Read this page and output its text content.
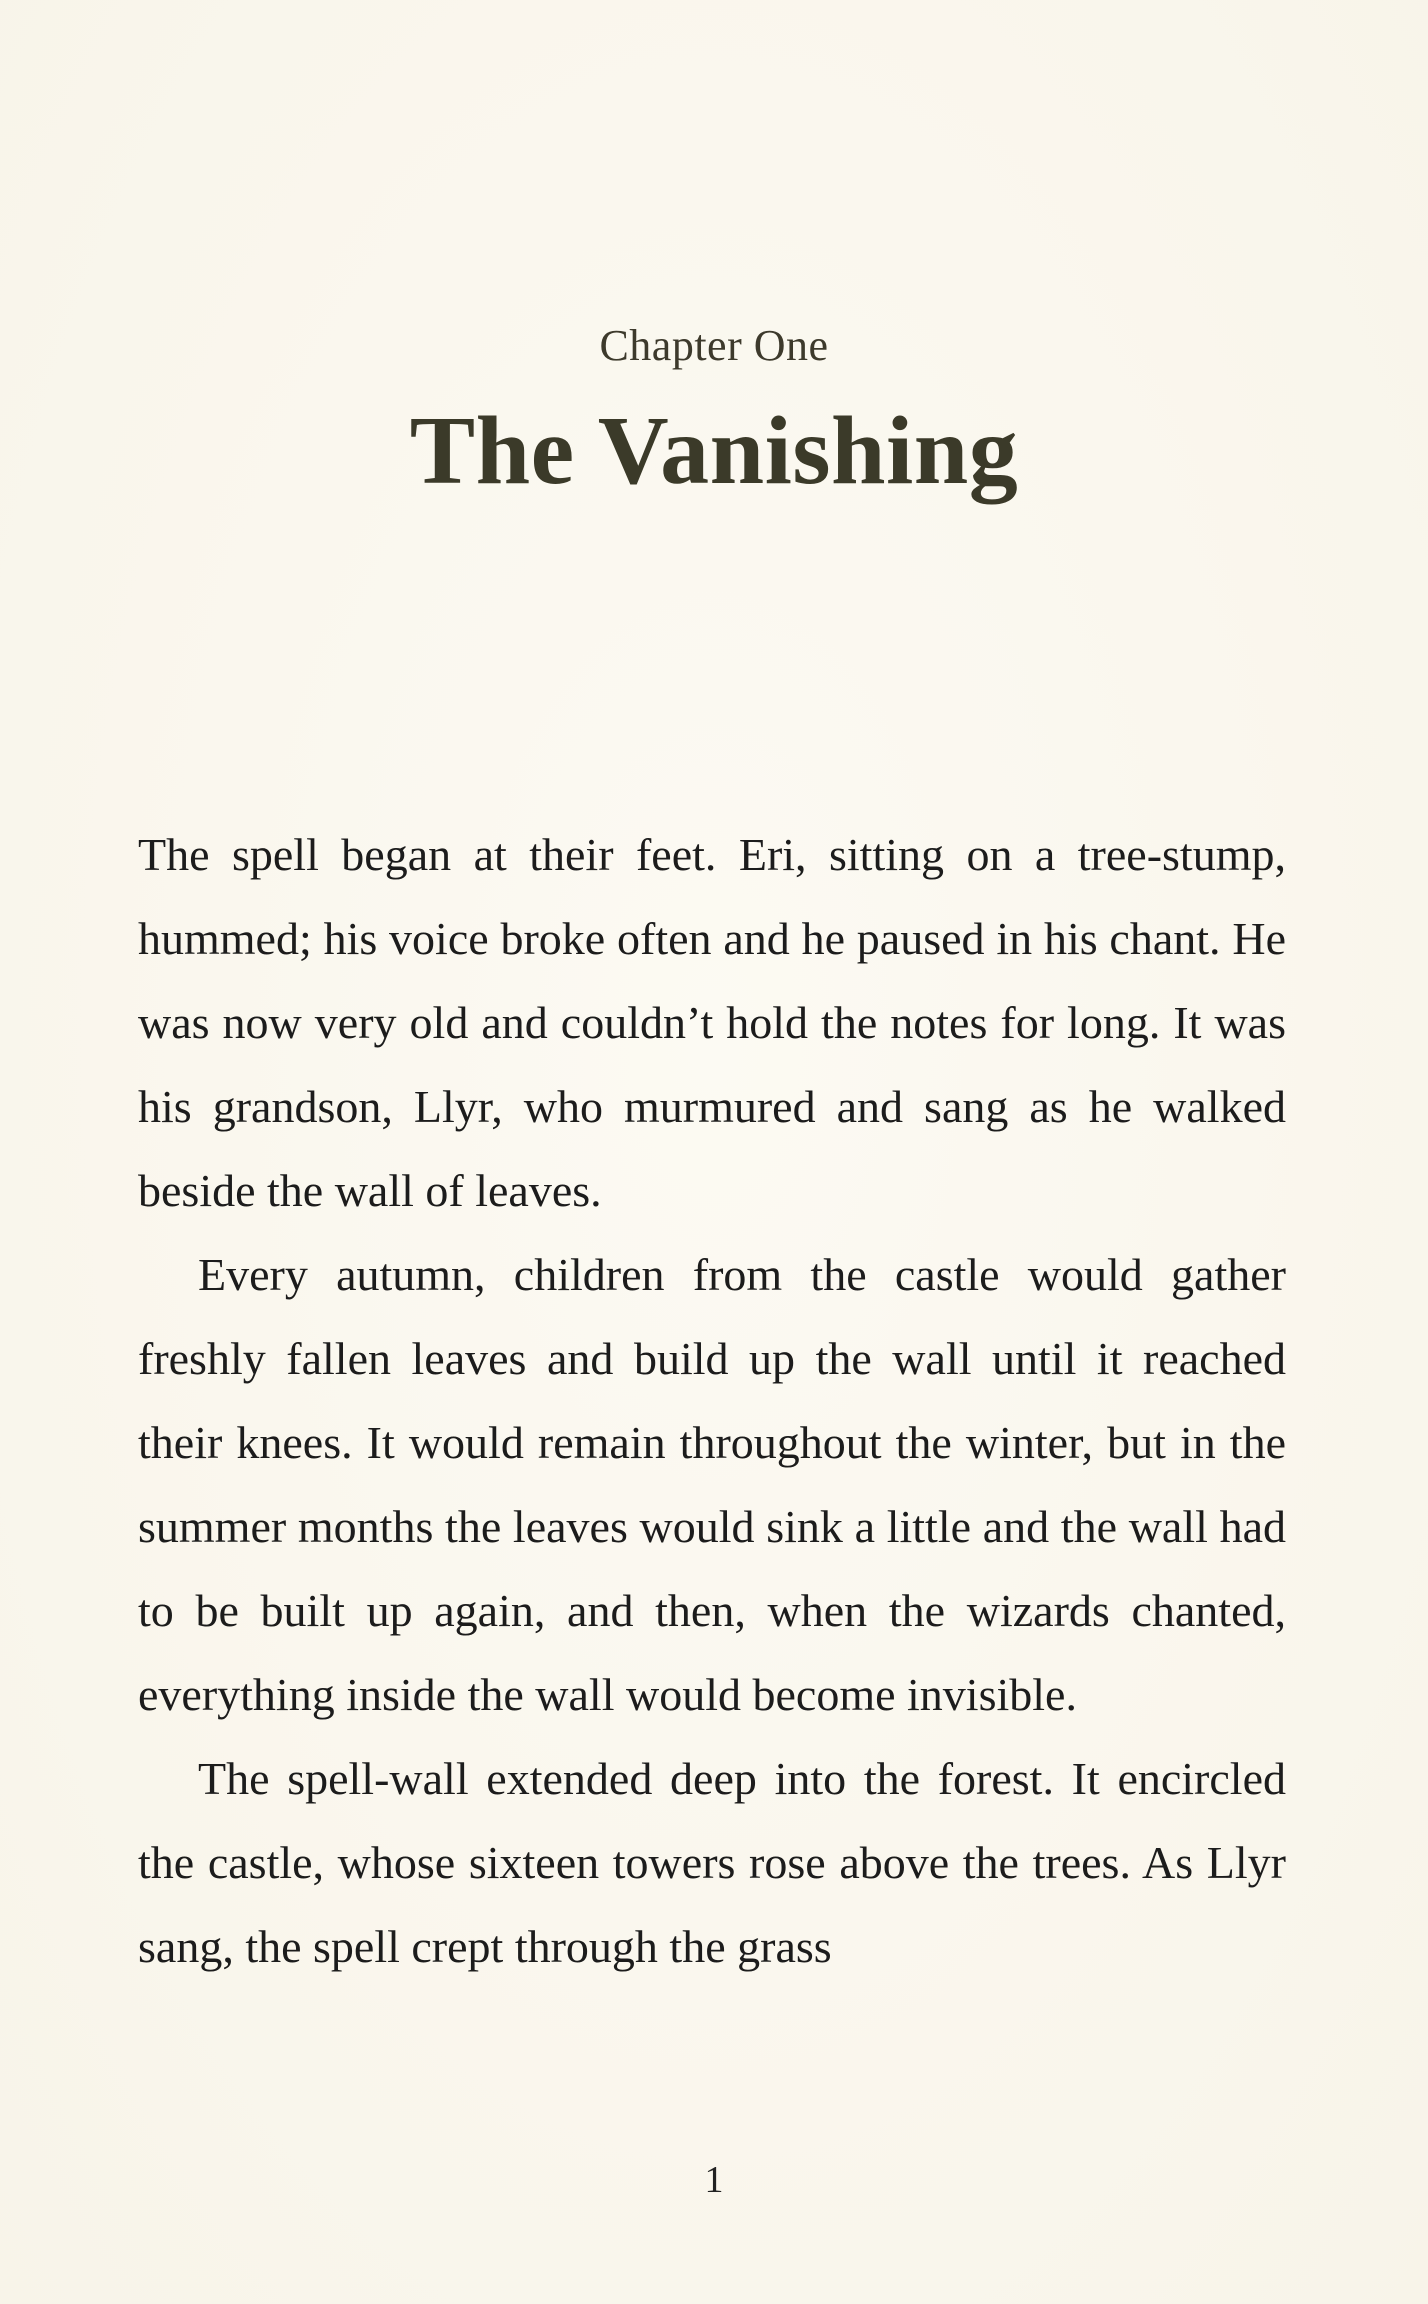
Chapter One
The Vanishing

The spell began at their feet. Eri, sitting on a tree-stump, hummed; his voice broke often and he paused in his chant. He was now very old and couldn’t hold the notes for long. It was his grandson, Llyr, who murmured and sang as he walked beside the wall of leaves.

Every autumn, children from the castle would gather freshly fallen leaves and build up the wall until it reached their knees. It would remain throughout the winter, but in the summer months the leaves would sink a little and the wall had to be built up again, and then, when the wizards chanted, everything inside the wall would become invisible.

The spell-wall extended deep into the forest. It encircled the castle, whose sixteen towers rose above the trees. As Llyr sang, the spell crept through the grass

1
